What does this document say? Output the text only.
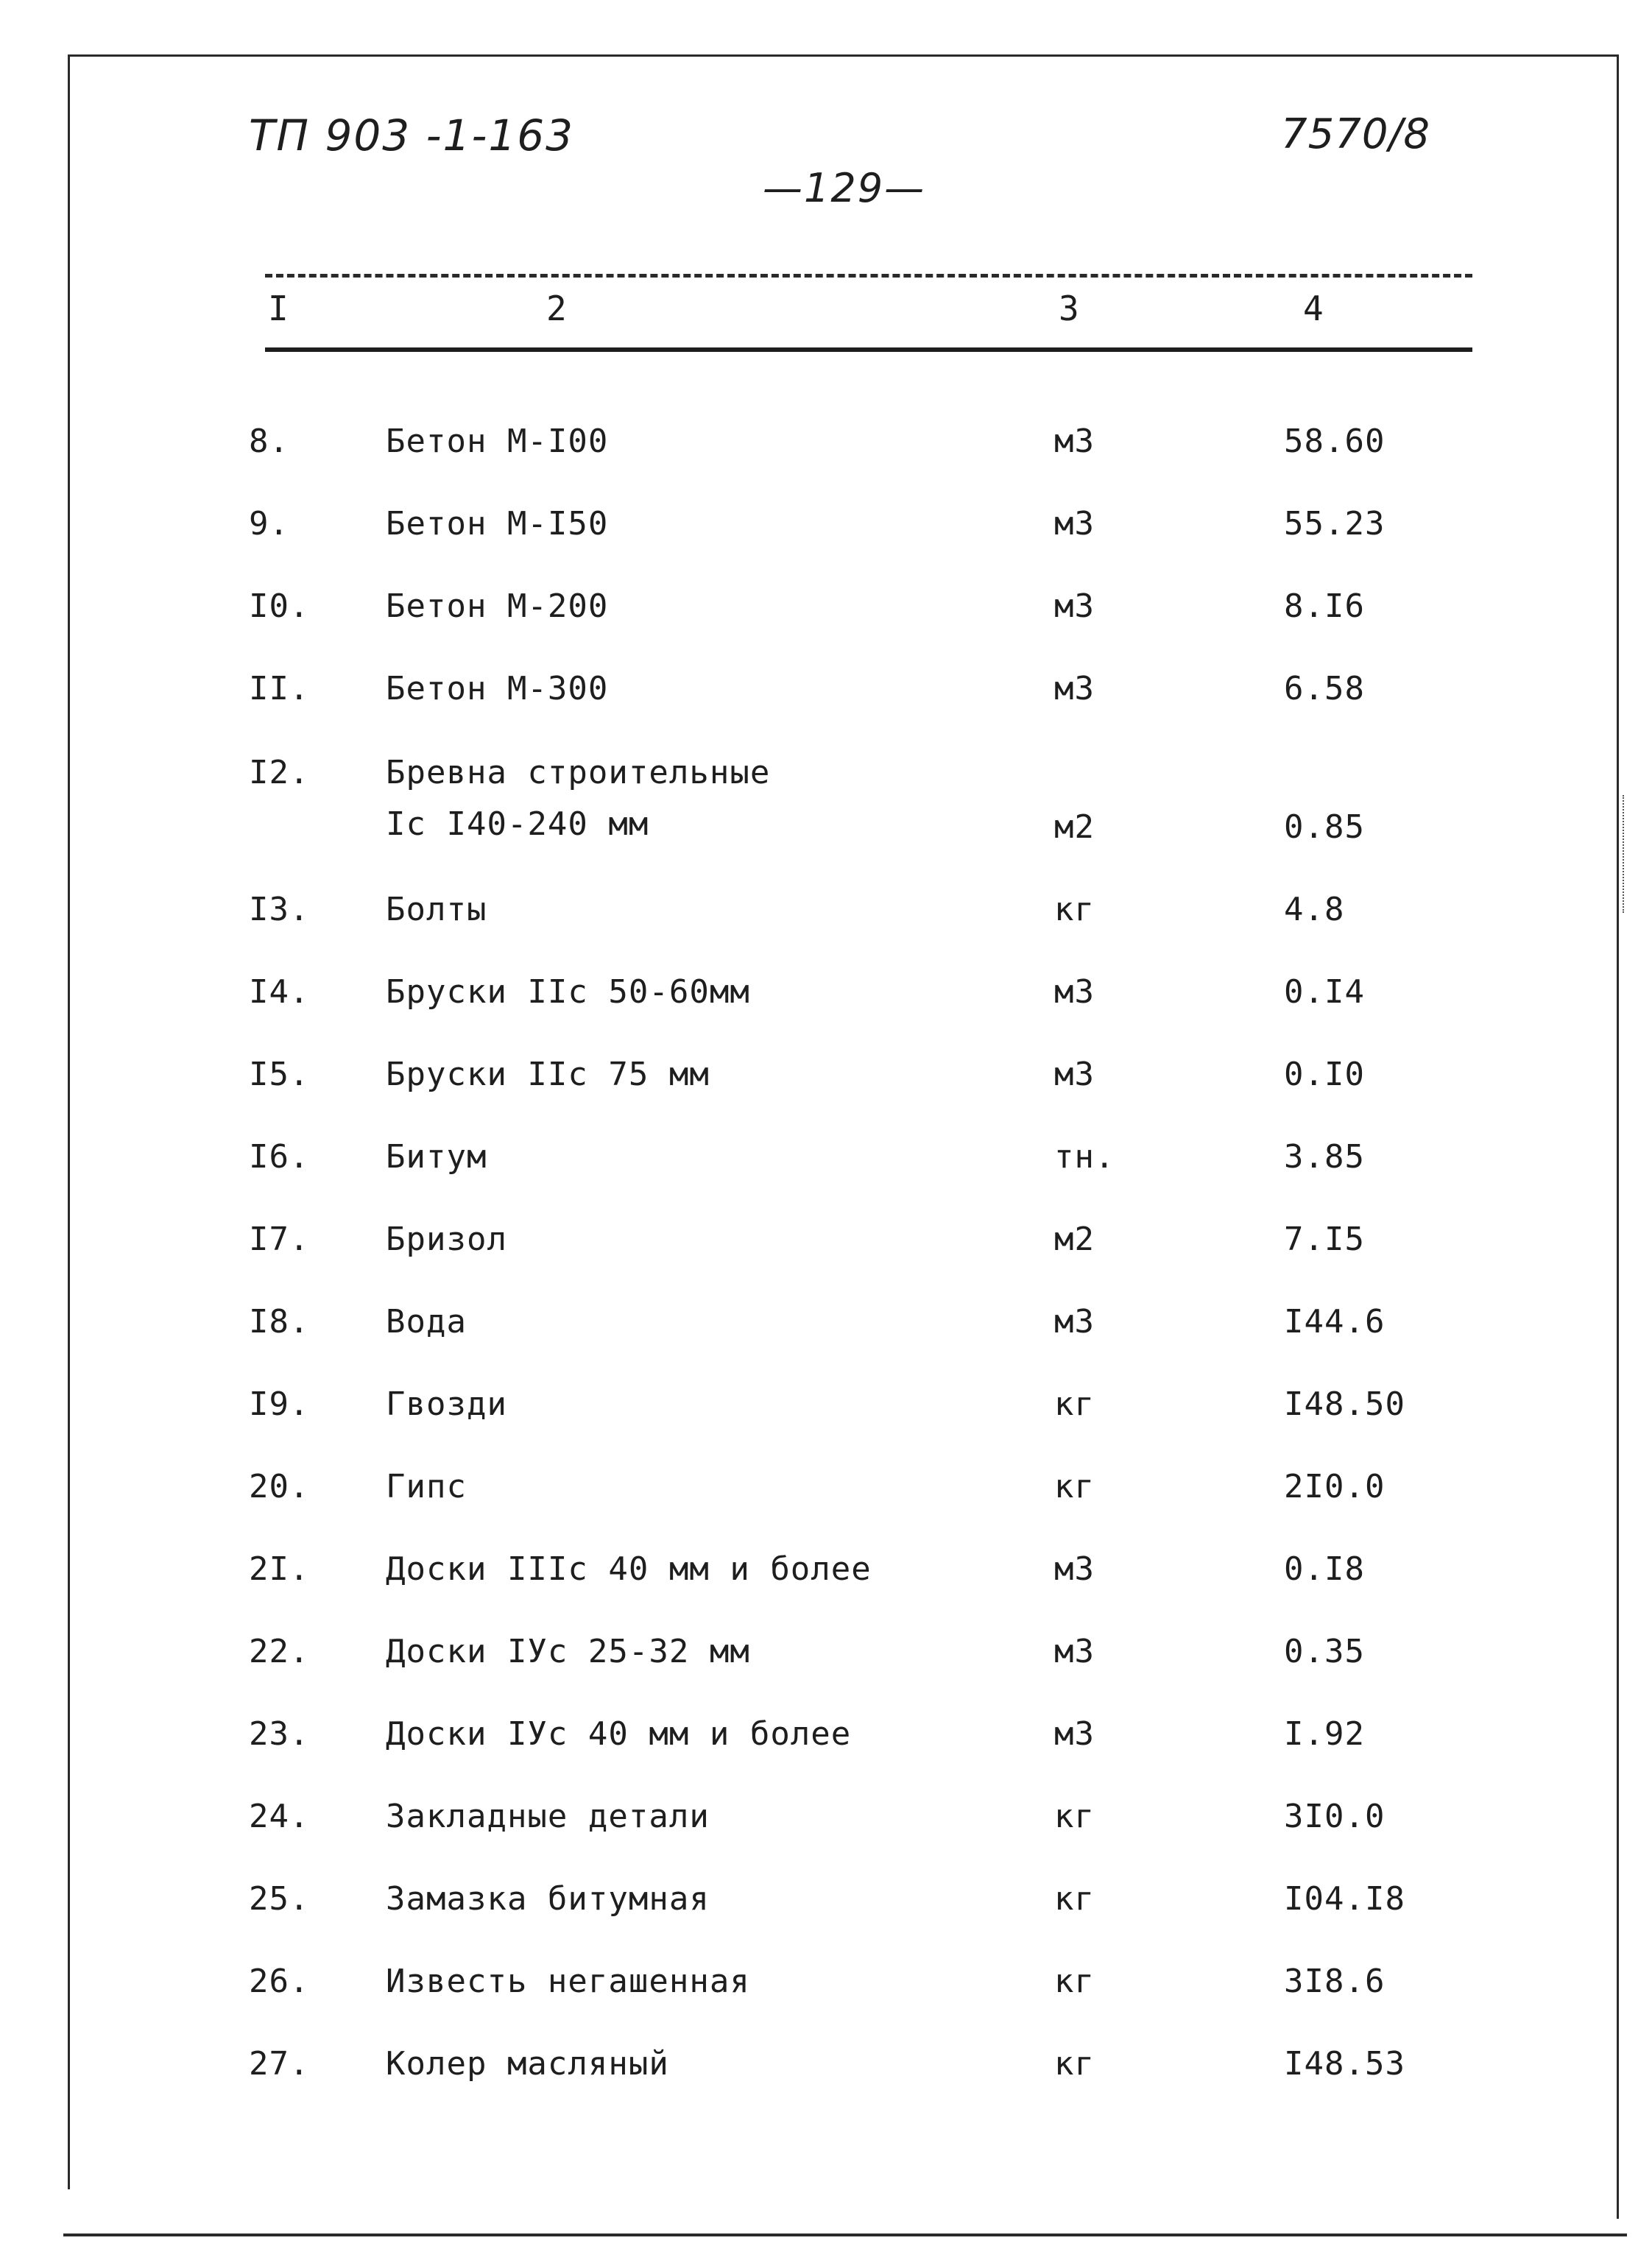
ТП 903 -1-163
—129—
7570/8
I	2	3	4
8.	Бетон М-I00	м3	58.60
9.	Бетон М-I50	м3	55.23
I0. Бетон М-200	м3	8.I6
II. Бетон М-300	м3	6.58
I2. Бревна строительные
Iс I40-240 мм	м2	0.85
I3. Болты	кг	4.8
I4. Бруски IIс 50-60мм	м3	0.I4
I5. Бруски IIс 75 мм	м3	0.I0
I6. Битум	тн.	3.85
I7. Бризол	м2	7.I5
I8. Вода	м3	I44.6
I9. Гвозди	кг	I48.50
20. Гипс	кг	2I0.0
2I. Доски IIIс 40 мм и более	м3	0.I8
22. Доски IУс 25-32 мм	м3	0.35
23. Доски IУс 40 мм и более	м3	I.92
24. Закладные детали	кг	3I0.0
25. Замазка битумная	кг	I04.I8
26. Известь негашенная	кг	3I8.6
27. Колер масляный	кг	I48.53
